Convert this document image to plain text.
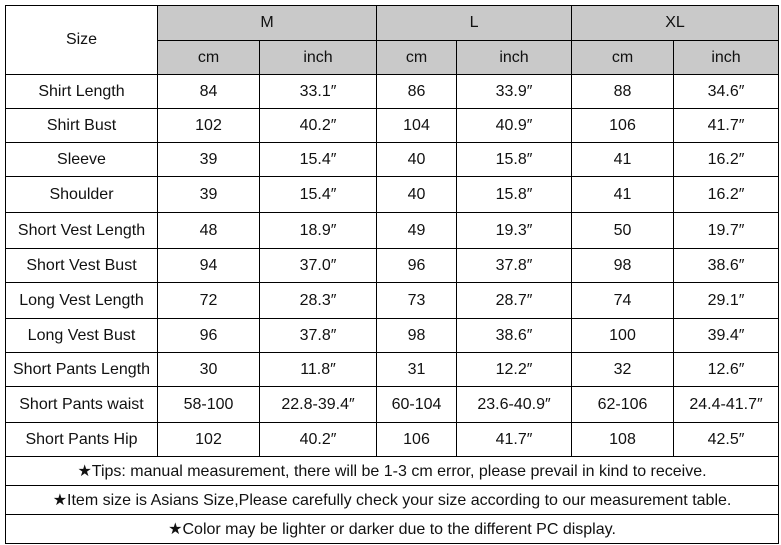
Size	M		L		XL	
	cm	inch	cm	inch	cm	inch
Shirt Length	84	33.1″	86	33.9″	88	34.6″
Shirt Bust	102	40.2″	104	40.9″	106	41.7″
Sleeve	39	15.4″	40	15.8″	41	16.2″
Shoulder	39	15.4″	40	15.8″	41	16.2″
Short Vest Length	48	18.9″	49	19.3″	50	19.7″
Short Vest Bust	94	37.0″	96	37.8″	98	38.6″
Long Vest Length	72	28.3″	73	28.7″	74	29.1″
Long Vest Bust	96	37.8″	98	38.6″	100	39.4″
Short Pants Length	30	11.8″	31	12.2″	32	12.6″
Short Pants waist	58-100	22.8-39.4″	60-104	23.6-40.9″	62-106	24.4-41.7″
Short Pants Hip	102	40.2″	106	41.7″	108	42.5″
★Tips: manual measurement, there will be 1-3 cm error, please prevail in kind to receive.						
★Item size is Asians Size,Please carefully check your size according to our measurement table.						
★Color may be lighter or darker due to the different PC display.						
